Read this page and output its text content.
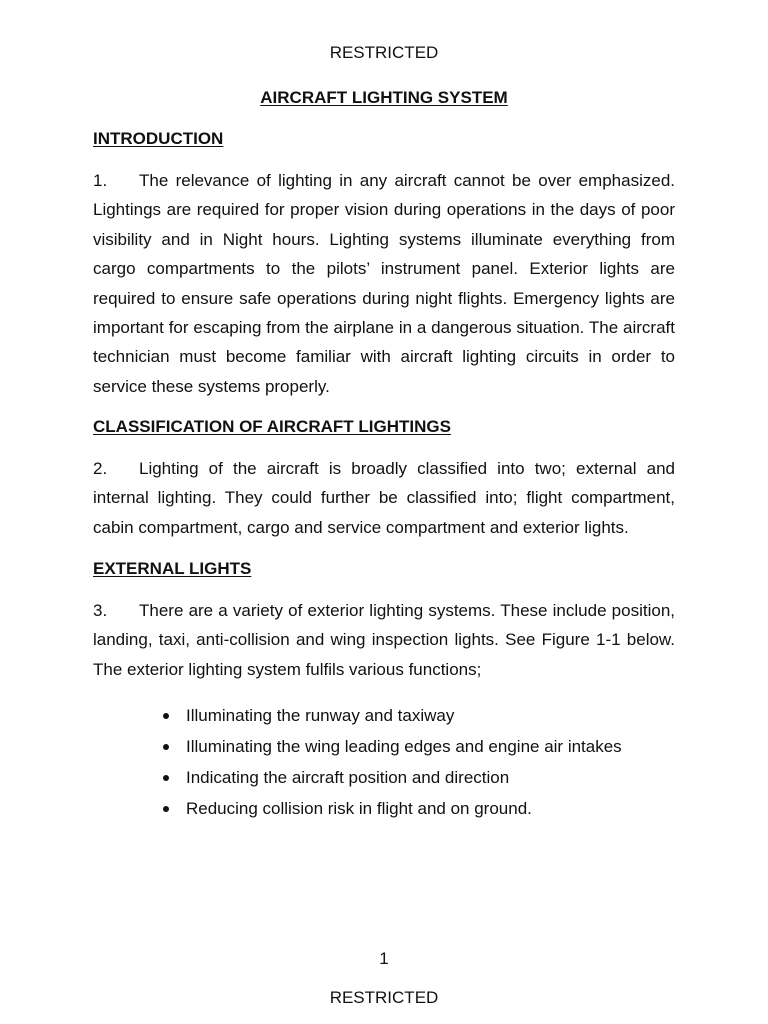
RESTRICTED
AIRCRAFT LIGHTING SYSTEM
INTRODUCTION

1. The relevance of lighting in any aircraft cannot be over emphasized. Lightings are required for proper vision during operations in the days of poor visibility and in Night hours. Lighting systems illuminate everything from cargo compartments to the pilots’ instrument panel. Exterior lights are required to ensure safe operations during night flights. Emergency lights are important for escaping from the airplane in a dangerous situation. The aircraft technician must become familiar with aircraft lighting circuits in order to service these systems properly.

CLASSIFICATION OF AIRCRAFT LIGHTINGS

2. Lighting of the aircraft is broadly classified into two; external and internal lighting. They could further be classified into; flight compartment, cabin compartment, cargo and service compartment and exterior lights.

EXTERNAL LIGHTS

3. There are a variety of exterior lighting systems. These include position, landing, taxi, anti-collision and wing inspection lights. See Figure 1-1 below. The exterior lighting system fulfils various functions;

Illuminating the runway and taxiway
Illuminating the wing leading edges and engine air intakes
Indicating the aircraft position and direction
Reducing collision risk in flight and on ground.
1
RESTRICTED
